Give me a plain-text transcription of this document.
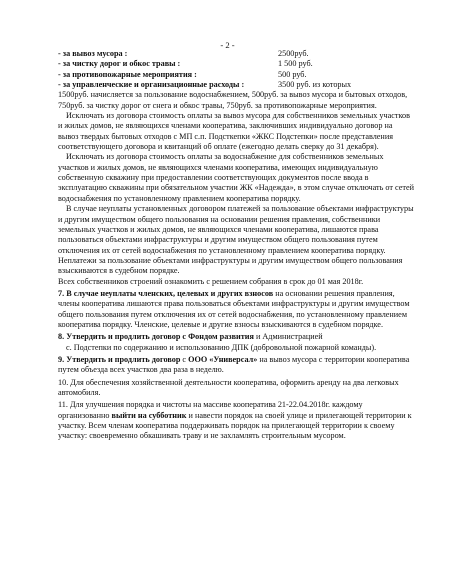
- 2 -
- за вывоз мусора :	2500руб.
- за чистку дорог и обкос травы :	1 500 руб.
- за противопожарные мероприятия :	500 руб.
- за управленческие и организационные расходы :	3500 руб. из которых

1500руб. начисляется за пользование водоснабжением, 500руб. за вывоз мусора и бытовых отходов, 750руб. за чистку дорог от снега и обкос травы, 750руб. за противопожарные мероприятия.

Исключать из договора стоимость оплаты за вывоз мусора для собственников земельных участков и жилых домов, не являющихся членами кооператива, заключивших индивидуально договор на вывоз твердых бытовых отходов с МП с.п. Подсткепки «ЖКС Подстепки» после представления соответствующего договора и квитанций об оплате (ежегодно делать сверку до 31 декабря).

Исключать из договора стоимость оплаты за водоснабжение для собственников земельных участков и жилых домов, не являющихся членами кооператива, имеющих индивидуальную собственную скважину при предоставлении соответствующих документов после ввода в эксплуатацию скважины при обязательном участии ЖК «Надежда», в этом случае отключать от сетей водоснабжения по установленному правлением кооператива порядку.

В случае неуплаты установленных договором платежей за пользование объектами инфраструктуры и другим имуществом общего пользования на основании решения правления, собственники земельных участков и жилых домов, не являющихся членами кооператива, лишаются права пользоваться объектами инфраструктуры и другим имуществом общего пользования путем отключения их от сетей водоснабжения по установленному правлением кооператива порядку. Неплатежи за пользование объектами инфраструктуры и другим имуществом общего пользования взыскиваются в судебном порядке.

Всех собственников строений ознакомить с решением собрания в срок до 01 мая 2018г.

7. В случае неуплаты членских, целевых и других взносов на основании решения правления, члены кооператива лишаются права пользоваться объектами инфраструктуры и другим имуществом общего пользования путем отключения их от сетей водоснабжения, по установленному правлением кооператива порядку. Членские, целевые и другие взносы взыскиваются в судебном порядке.

8. Утвердить и продлить договор с Фондом развития и Администрацией

с. Подстепки по содержанию и использованию ДПК (добровольной пожарной команды).

9. Утвердить и продлить договор с ООО «Универсал» на вывоз мусора с территории кооператива путем объезда всех участков два раза в неделю.

10. Для обеспечения хозяйственной деятельности кооператива, оформить аренду на два легковых автомобиля.

11. Для улучшения порядка и чистоты на массиве кооператива 21-22.04.2018г. каждому организованно выйти на субботник и навести порядок на своей улице и прилегающей территории к участку. Всем членам кооператива поддерживать порядок на прилегающей территории к своему участку: своевременно обкашивать траву и не захламлять строительным мусором.
